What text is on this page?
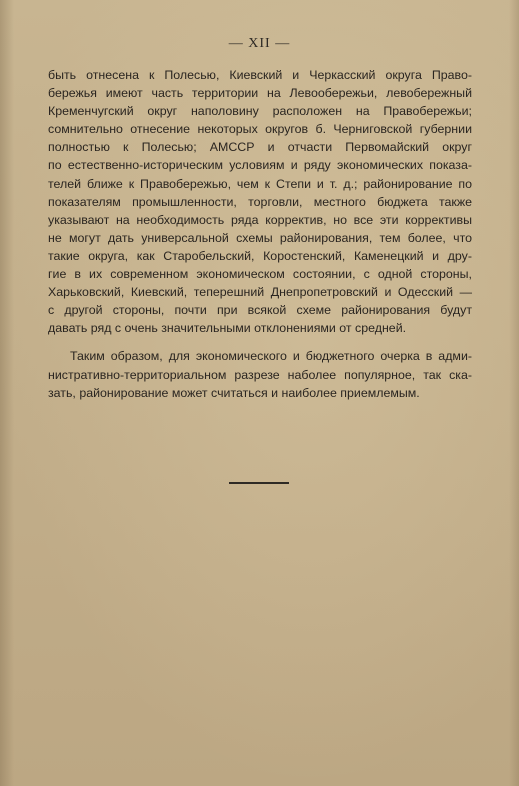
— XII —
быть отнесена к Полесью, Киевский и Черкасский округа Право-
бережья имеют часть территории на Левообережьи, левобережный
Кременчугский округ наполовину расположен на Правобережьи;
сомнительно отнесение некоторых округов б. Черниговской губернии
полностью к Полесью; АМССР и отчасти Первомайский округ
по естественно-историческим условиям и ряду экономических показа-
телей ближе к Правобережью, чем к Степи и т. д.; районирование по
показателям промышленности, торговли, местного бюджета также
указывают на необходимость ряда корректив, но все эти коррективы
не могут дать универсальной схемы районирования, тем более, что
такие округа, как Старобельский, Коростенский, Каменецкий и дру-
гие в их современном экономическом состоянии, с одной стороны,
Харьковский, Киевский, теперешний Днепропетровский и Одесский —
с другой стороны, почти при всякой схеме районирования будут
давать ряд с очень значительными отклонениями от средней.
Таким образом, для экономического и бюджетного очерка в адми-
нистративно-территориальном разрезе наболее популярное, так ска-
зать, районирование может считаться и наиболее приемлемым.
